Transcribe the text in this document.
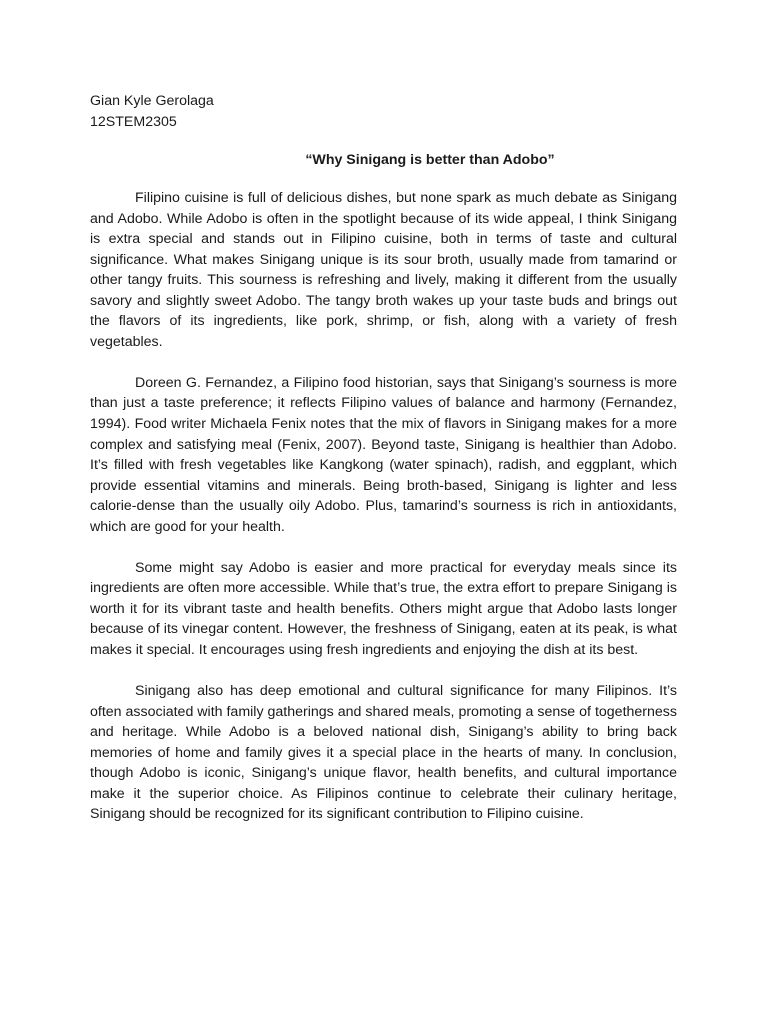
Gian Kyle Gerolaga
12STEM2305
“Why Sinigang is better than Adobo”

Filipino cuisine is full of delicious dishes, but none spark as much debate as Sinigang and Adobo. While Adobo is often in the spotlight because of its wide appeal, I think Sinigang is extra special and stands out in Filipino cuisine, both in terms of taste and cultural significance. What makes Sinigang unique is its sour broth, usually made from tamarind or other tangy fruits. This sourness is refreshing and lively, making it different from the usually savory and slightly sweet Adobo. The tangy broth wakes up your taste buds and brings out the flavors of its ingredients, like pork, shrimp, or fish, along with a variety of fresh vegetables.

Doreen G. Fernandez, a Filipino food historian, says that Sinigang’s sourness is more than just a taste preference; it reflects Filipino values of balance and harmony (Fernandez, 1994). Food writer Michaela Fenix notes that the mix of flavors in Sinigang makes for a more complex and satisfying meal (Fenix, 2007). Beyond taste, Sinigang is healthier than Adobo. It’s filled with fresh vegetables like Kangkong (water spinach), radish, and eggplant, which provide essential vitamins and minerals. Being broth-based, Sinigang is lighter and less calorie-dense than the usually oily Adobo. Plus, tamarind’s sourness is rich in antioxidants, which are good for your health.

Some might say Adobo is easier and more practical for everyday meals since its ingredients are often more accessible. While that’s true, the extra effort to prepare Sinigang is worth it for its vibrant taste and health benefits. Others might argue that Adobo lasts longer because of its vinegar content. However, the freshness of Sinigang, eaten at its peak, is what makes it special. It encourages using fresh ingredients and enjoying the dish at its best.

Sinigang also has deep emotional and cultural significance for many Filipinos. It’s often associated with family gatherings and shared meals, promoting a sense of togetherness and heritage. While Adobo is a beloved national dish, Sinigang’s ability to bring back memories of home and family gives it a special place in the hearts of many. In conclusion, though Adobo is iconic, Sinigang’s unique flavor, health benefits, and cultural importance make it the superior choice. As Filipinos continue to celebrate their culinary heritage, Sinigang should be recognized for its significant contribution to Filipino cuisine.
